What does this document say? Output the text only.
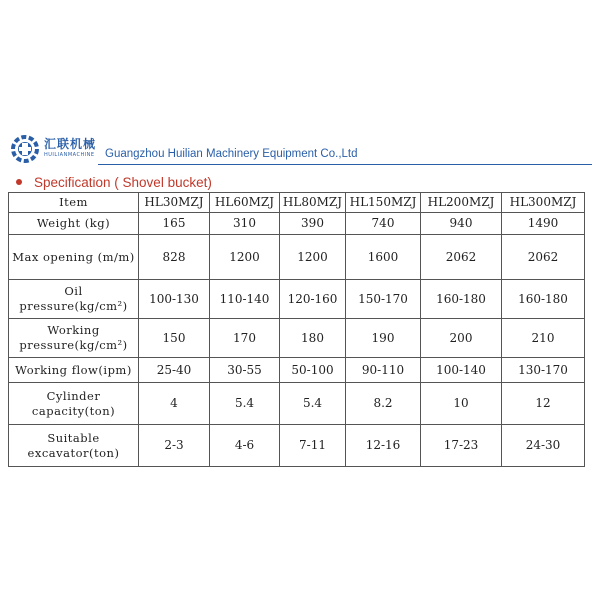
汇联机械
HUILIANMACHINE Guangzhou Huilian Machinery Equipment Co.,Ltd
Specification ( Shovel bucket)
Item	HL30MZJ	HL60MZJ	HL80MZJ	HL150MZJ	HL200MZJ	HL300MZJ
Weight (kg)	165	310	390	740	940	1490
Max opening (m/m)	828	1200	1200	1600	2062	2062
Oil
pressure(kg/cm²)	100-130	110-140	120-160	150-170	160-180	160-180
Working
pressure(kg/cm²)	150	170	180	190	200	210
Working flow(ipm)	25-40	30-55	50-100	90-110	100-140	130-170
Cylinder
capacity(ton)	4	5.4	5.4	8.2	10	12
Suitable
excavator(ton)	2-3	4-6	7-11	12-16	17-23	24-30
